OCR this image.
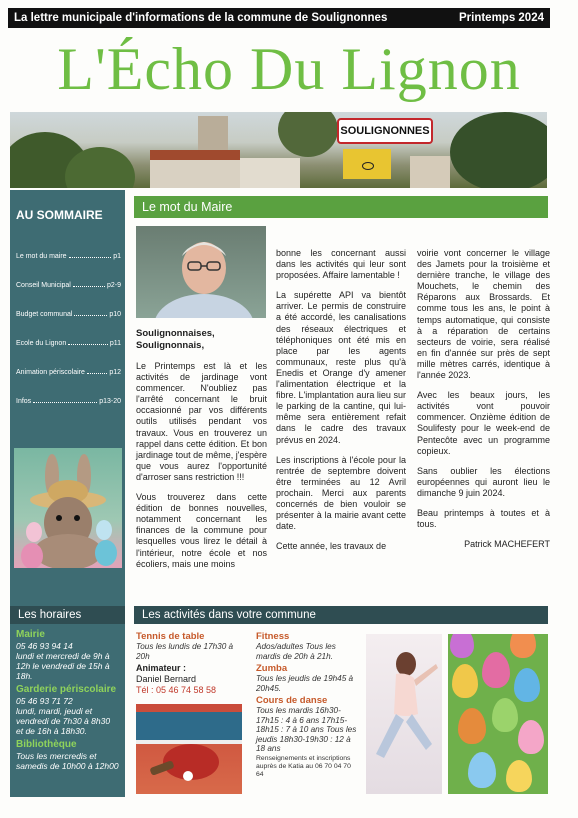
La lettre municipale d'informations de la commune de Soulignonnes	Printemps 2024
L'Écho Du Lignon
SOULIGNONNES
AU SOMMAIRE
Le mot du maire	p1
Conseil Municipal	p2-9
Budget communal	p10
Ecole du Lignon	p11
Animation périscolaire	p12
Infos	p13-20
Le mot du Maire

Soulignonnaises, Soulignonnais,

Le Printemps est là et les activités de jardinage vont commencer. N'oubliez pas l'arrêté concernant le bruit occasionné par vos différents outils utilisés pendant vos travaux. Vous en trouverez un rappel dans cette édition. Et bon jardinage tout de même, j'espère que vous aurez l'opportunité d'arroser sans restriction !!!

Vous trouverez dans cette édition de bonnes nouvelles, notamment concernant les finances de la commune pour lesquelles vous lirez le détail à l'intérieur, notre école et nos écoliers, mais une moins

bonne les concernant aussi dans les activités qui leur sont proposées. Affaire lamentable !

La supérette API va bientôt arriver. Le permis de construire a été accordé, les canalisations des réseaux électriques et téléphoniques ont été mis en place par les agents communaux, reste plus qu'à Enedis et Orange d'y amener l'alimentation électrique et la fibre. L'implantation aura lieu sur le parking de la cantine, qui lui-même sera entièrement refait dans le cadre des travaux prévus en 2024.

Les inscriptions à l'école pour la rentrée de septembre doivent être terminées au 12 Avril prochain. Merci aux parents concernés de bien vouloir se présenter à la mairie avant cette date.

Cette année, les travaux de

voirie vont concerner le village des Jamets pour la troisième et dernière tranche, le village des Mouchets, le chemin des Réparons aux Brossards. Et comme tous les ans, le point à temps automatique, qui consiste à a réparation de certains secteurs de voirie, sera réalisé en fin d'année sur près de sept mille mètres carrés, identique à l'année 2023.

Avec les beaux jours, les activités vont pouvoir commencer. Onzième édition de Soulifesty pour le week-end de Pentecôte avec un programme copieux.

Sans oublier les élections européennes qui auront lieu le dimanche 9 juin 2024.

Beau printemps à toutes et à tous.

Patrick MACHEFERT

Les horaires
Mairie
05 46 93 94 14
lundi et mercredi de 9h à 12h le vendredi de 15h à 18h.
Garderie périscolaire
05 46 93 71 72
lundi, mardi, jeudi et vendredi de 7h30 à 8h30 et de 16h à 18h30.
Bibliothèque
Tous les mercredis et samedis de 10h00 à 12h00
Les activités dans votre commune
Tennis de table
Tous les lundis de 17h30 à 20h
Animateur :
Daniel Bernard
Tél : 05 46 74 58 58
Fitness
Ados/adultes Tous les mardis de 20h à 21h.
Zumba
Tous les jeudis de 19h45 à 20h45.
Cours de danse
Tous les mardis 16h30-17h15 : 4 à 6 ans 17h15-18h15 : 7 à 10 ans Tous les jeudis 18h30-19h30 : 12 à 18 ans
Renseignements et inscriptions auprès de Katia au 06 70 04 70 64
